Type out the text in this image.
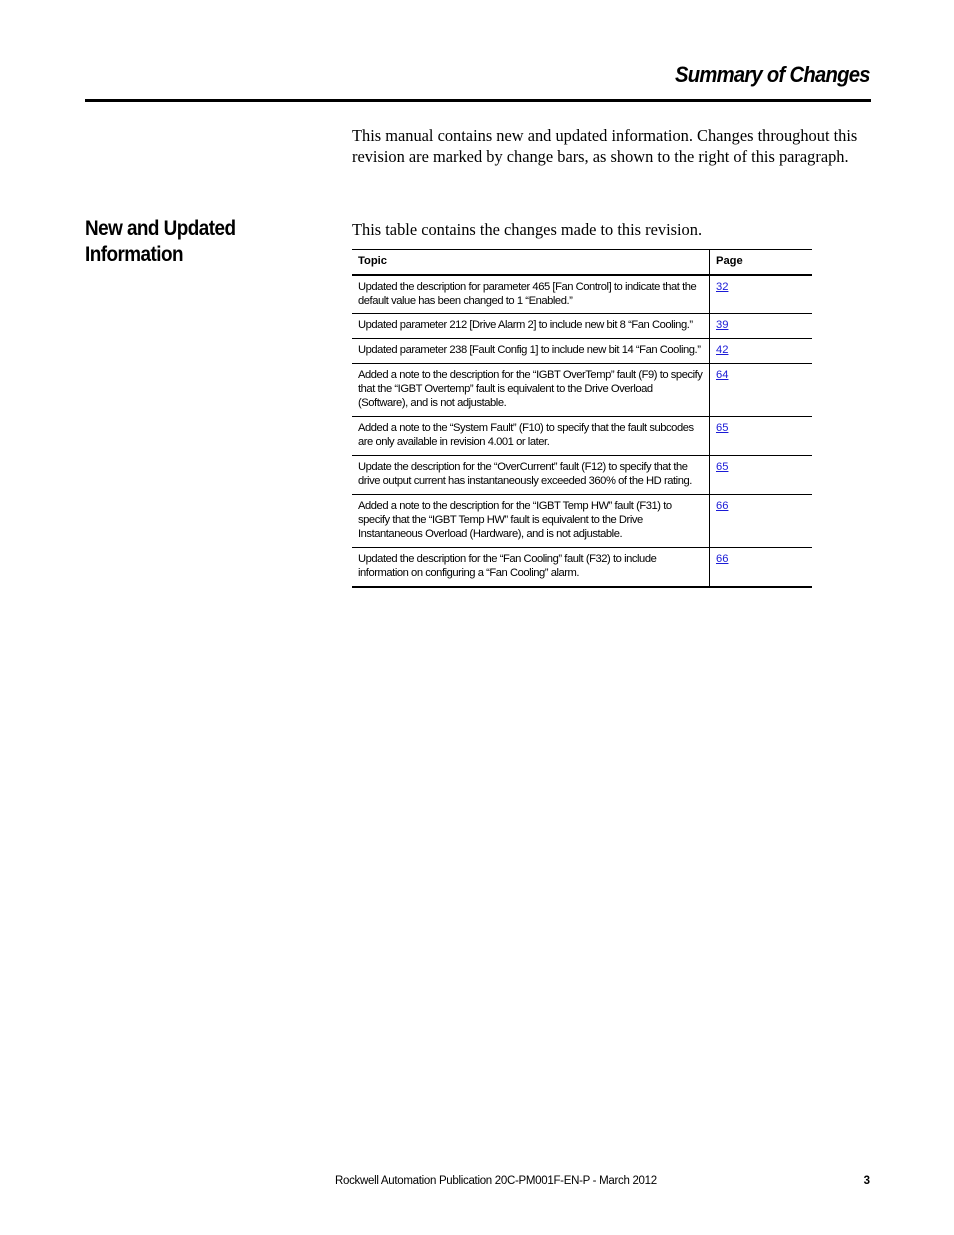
Summary of Changes

This manual contains new and updated information. Changes throughout this revision are marked by change bars, as shown to the right of this paragraph.

New and Updated
Information

This table contains the changes made to this revision.

Topic	Page

Updated the description for parameter 465 [Fan Control] to indicate that the default value has been changed to 1 “Enabled.”	32

Updated parameter 212 [Drive Alarm 2] to include new bit 8 “Fan Cooling.”	39

Updated parameter 238 [Fault Config 1] to include new bit 14 “Fan Cooling.”	42

Added a note to the description for the “IGBT OverTemp” fault (F9) to specify that the “IGBT Overtemp” fault is equivalent to the Drive Overload (Software), and is not adjustable.	64

Added a note to the “System Fault” (F10) to specify that the fault subcodes are only available in revision 4.001 or later.	65

Update the description for the “OverCurrent” fault (F12) to specify that the drive output current has instantaneously exceeded 360% of the HD rating.	65

Added a note to the description for the “IGBT Temp HW” fault (F31) to specify that the “IGBT Temp HW” fault is equivalent to the Drive Instantaneous Overload (Hardware), and is not adjustable.	66

Updated the description for the “Fan Cooling” fault (F32) to include information on configuring a “Fan Cooling” alarm.	66
Rockwell Automation Publication 20C-PM001F-EN-P - March 2012	3
